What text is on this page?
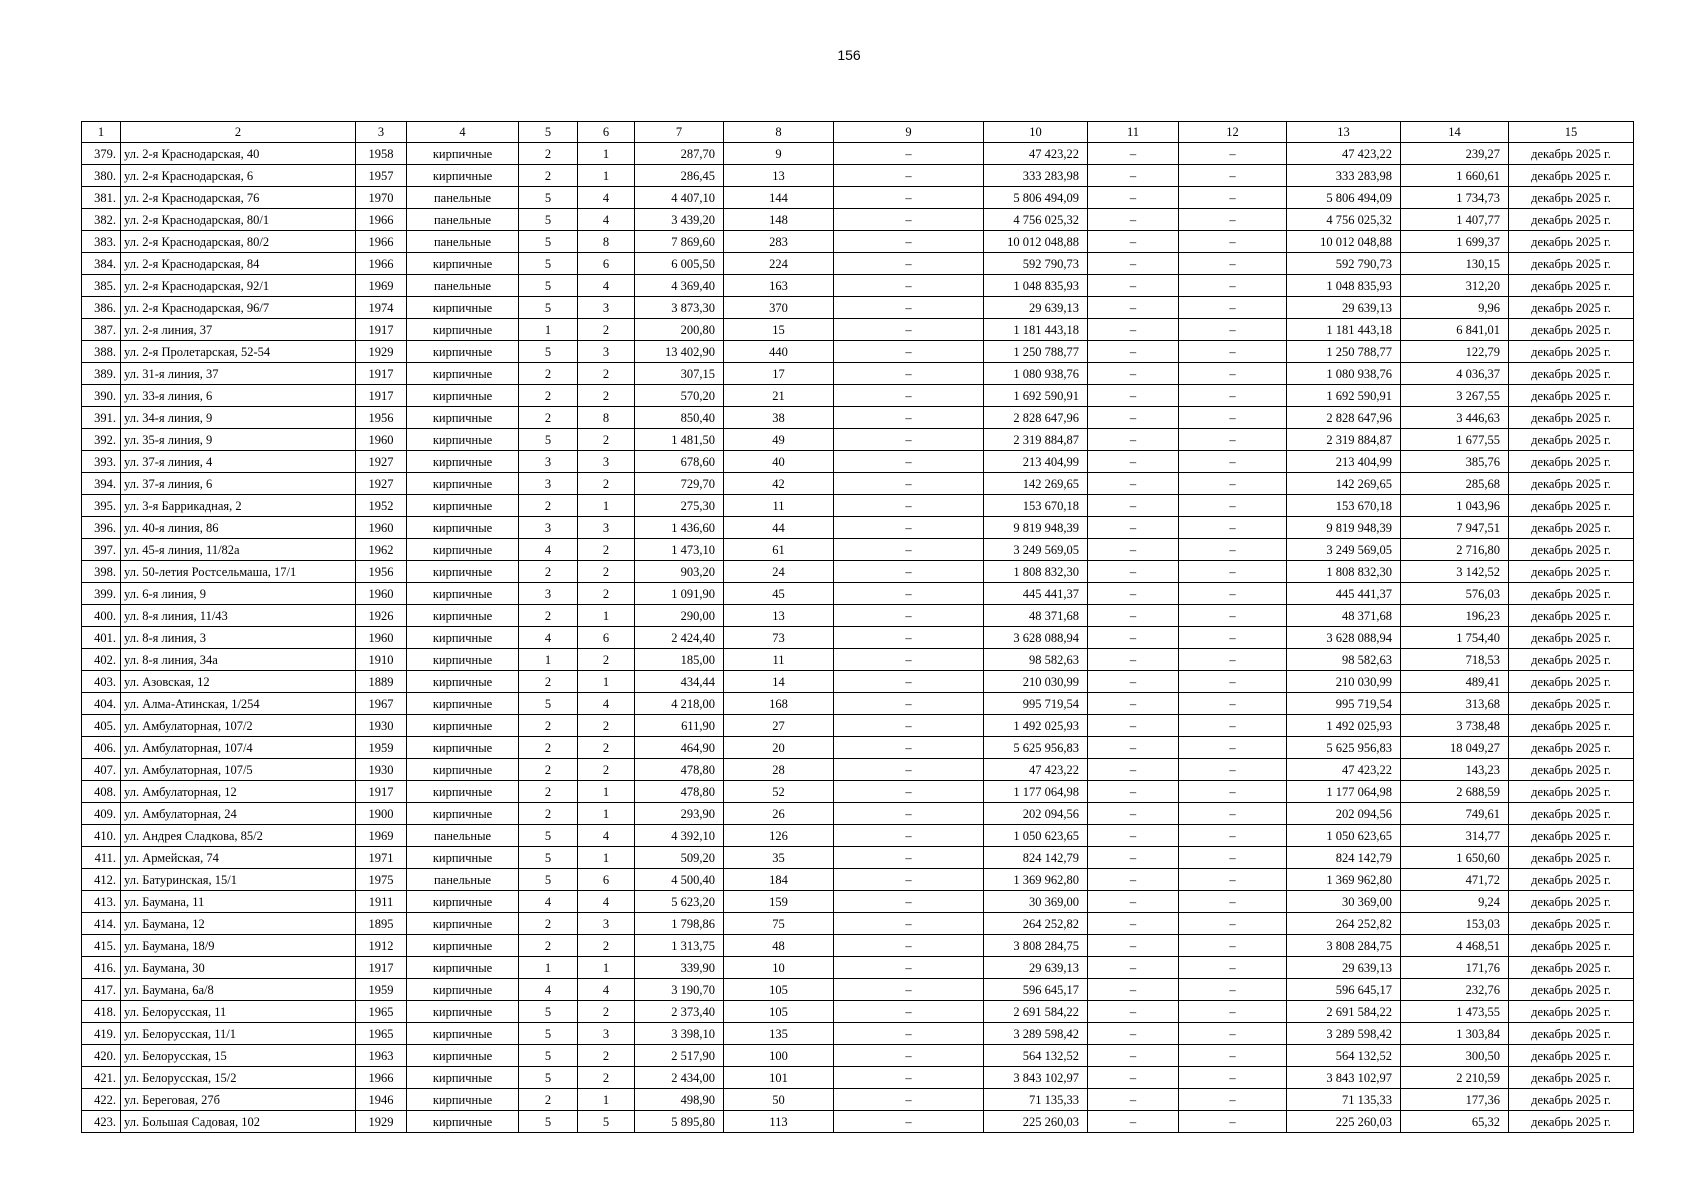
156
1	2	3	4	5	6	7	8	9	10	11	12	13	14	15
379.	ул. 2-я Краснодарская, 40	1958	кирпичные	2	1	287,70	9	–	47 423,22	–	–	47 423,22	239,27	декабрь 2025 г.
380.	ул. 2-я Краснодарская, 6	1957	кирпичные	2	1	286,45	13	–	333 283,98	–	–	333 283,98	1 660,61	декабрь 2025 г.
381.	ул. 2-я Краснодарская, 76	1970	панельные	5	4	4 407,10	144	–	5 806 494,09	–	–	5 806 494,09	1 734,73	декабрь 2025 г.
382.	ул. 2-я Краснодарская, 80/1	1966	панельные	5	4	3 439,20	148	–	4 756 025,32	–	–	4 756 025,32	1 407,77	декабрь 2025 г.
383.	ул. 2-я Краснодарская, 80/2	1966	панельные	5	8	7 869,60	283	–	10 012 048,88	–	–	10 012 048,88	1 699,37	декабрь 2025 г.
384.	ул. 2-я Краснодарская, 84	1966	кирпичные	5	6	6 005,50	224	–	592 790,73	–	–	592 790,73	130,15	декабрь 2025 г.
385.	ул. 2-я Краснодарская, 92/1	1969	панельные	5	4	4 369,40	163	–	1 048 835,93	–	–	1 048 835,93	312,20	декабрь 2025 г.
386.	ул. 2-я Краснодарская, 96/7	1974	кирпичные	5	3	3 873,30	370	–	29 639,13	–	–	29 639,13	9,96	декабрь 2025 г.
387.	ул. 2-я линия, 37	1917	кирпичные	1	2	200,80	15	–	1 181 443,18	–	–	1 181 443,18	6 841,01	декабрь 2025 г.
388.	ул. 2-я Пролетарская, 52-54	1929	кирпичные	5	3	13 402,90	440	–	1 250 788,77	–	–	1 250 788,77	122,79	декабрь 2025 г.
389.	ул. 31-я линия, 37	1917	кирпичные	2	2	307,15	17	–	1 080 938,76	–	–	1 080 938,76	4 036,37	декабрь 2025 г.
390.	ул. 33-я линия, 6	1917	кирпичные	2	2	570,20	21	–	1 692 590,91	–	–	1 692 590,91	3 267,55	декабрь 2025 г.
391.	ул. 34-я линия, 9	1956	кирпичные	2	8	850,40	38	–	2 828 647,96	–	–	2 828 647,96	3 446,63	декабрь 2025 г.
392.	ул. 35-я линия, 9	1960	кирпичные	5	2	1 481,50	49	–	2 319 884,87	–	–	2 319 884,87	1 677,55	декабрь 2025 г.
393.	ул. 37-я линия, 4	1927	кирпичные	3	3	678,60	40	–	213 404,99	–	–	213 404,99	385,76	декабрь 2025 г.
394.	ул. 37-я линия, 6	1927	кирпичные	3	2	729,70	42	–	142 269,65	–	–	142 269,65	285,68	декабрь 2025 г.
395.	ул. 3-я Баррикадная, 2	1952	кирпичные	2	1	275,30	11	–	153 670,18	–	–	153 670,18	1 043,96	декабрь 2025 г.
396.	ул. 40-я линия, 86	1960	кирпичные	3	3	1 436,60	44	–	9 819 948,39	–	–	9 819 948,39	7 947,51	декабрь 2025 г.
397.	ул. 45-я линия, 11/82а	1962	кирпичные	4	2	1 473,10	61	–	3 249 569,05	–	–	3 249 569,05	2 716,80	декабрь 2025 г.
398.	ул. 50-летия Ростсельмаша, 17/1	1956	кирпичные	2	2	903,20	24	–	1 808 832,30	–	–	1 808 832,30	3 142,52	декабрь 2025 г.
399.	ул. 6-я линия, 9	1960	кирпичные	3	2	1 091,90	45	–	445 441,37	–	–	445 441,37	576,03	декабрь 2025 г.
400.	ул. 8-я линия, 11/43	1926	кирпичные	2	1	290,00	13	–	48 371,68	–	–	48 371,68	196,23	декабрь 2025 г.
401.	ул. 8-я линия, 3	1960	кирпичные	4	6	2 424,40	73	–	3 628 088,94	–	–	3 628 088,94	1 754,40	декабрь 2025 г.
402.	ул. 8-я линия, 34а	1910	кирпичные	1	2	185,00	11	–	98 582,63	–	–	98 582,63	718,53	декабрь 2025 г.
403.	ул. Азовская, 12	1889	кирпичные	2	1	434,44	14	–	210 030,99	–	–	210 030,99	489,41	декабрь 2025 г.
404.	ул. Алма-Атинская, 1/254	1967	кирпичные	5	4	4 218,00	168	–	995 719,54	–	–	995 719,54	313,68	декабрь 2025 г.
405.	ул. Амбулаторная, 107/2	1930	кирпичные	2	2	611,90	27	–	1 492 025,93	–	–	1 492 025,93	3 738,48	декабрь 2025 г.
406.	ул. Амбулаторная, 107/4	1959	кирпичные	2	2	464,90	20	–	5 625 956,83	–	–	5 625 956,83	18 049,27	декабрь 2025 г.
407.	ул. Амбулаторная, 107/5	1930	кирпичные	2	2	478,80	28	–	47 423,22	–	–	47 423,22	143,23	декабрь 2025 г.
408.	ул. Амбулаторная, 12	1917	кирпичные	2	1	478,80	52	–	1 177 064,98	–	–	1 177 064,98	2 688,59	декабрь 2025 г.
409.	ул. Амбулаторная, 24	1900	кирпичные	2	1	293,90	26	–	202 094,56	–	–	202 094,56	749,61	декабрь 2025 г.
410.	ул. Андрея Сладкова, 85/2	1969	панельные	5	4	4 392,10	126	–	1 050 623,65	–	–	1 050 623,65	314,77	декабрь 2025 г.
411.	ул. Армейская, 74	1971	кирпичные	5	1	509,20	35	–	824 142,79	–	–	824 142,79	1 650,60	декабрь 2025 г.
412.	ул. Батуринская, 15/1	1975	панельные	5	6	4 500,40	184	–	1 369 962,80	–	–	1 369 962,80	471,72	декабрь 2025 г.
413.	ул. Баумана, 11	1911	кирпичные	4	4	5 623,20	159	–	30 369,00	–	–	30 369,00	9,24	декабрь 2025 г.
414.	ул. Баумана, 12	1895	кирпичные	2	3	1 798,86	75	–	264 252,82	–	–	264 252,82	153,03	декабрь 2025 г.
415.	ул. Баумана, 18/9	1912	кирпичные	2	2	1 313,75	48	–	3 808 284,75	–	–	3 808 284,75	4 468,51	декабрь 2025 г.
416.	ул. Баумана, 30	1917	кирпичные	1	1	339,90	10	–	29 639,13	–	–	29 639,13	171,76	декабрь 2025 г.
417.	ул. Баумана, 6а/8	1959	кирпичные	4	4	3 190,70	105	–	596 645,17	–	–	596 645,17	232,76	декабрь 2025 г.
418.	ул. Белорусская, 11	1965	кирпичные	5	2	2 373,40	105	–	2 691 584,22	–	–	2 691 584,22	1 473,55	декабрь 2025 г.
419.	ул. Белорусская, 11/1	1965	кирпичные	5	3	3 398,10	135	–	3 289 598,42	–	–	3 289 598,42	1 303,84	декабрь 2025 г.
420.	ул. Белорусская, 15	1963	кирпичные	5	2	2 517,90	100	–	564 132,52	–	–	564 132,52	300,50	декабрь 2025 г.
421.	ул. Белорусская, 15/2	1966	кирпичные	5	2	2 434,00	101	–	3 843 102,97	–	–	3 843 102,97	2 210,59	декабрь 2025 г.
422.	ул. Береговая, 27б	1946	кирпичные	2	1	498,90	50	–	71 135,33	–	–	71 135,33	177,36	декабрь 2025 г.
423.	ул. Большая Садовая, 102	1929	кирпичные	5	5	5 895,80	113	–	225 260,03	–	–	225 260,03	65,32	декабрь 2025 г.
